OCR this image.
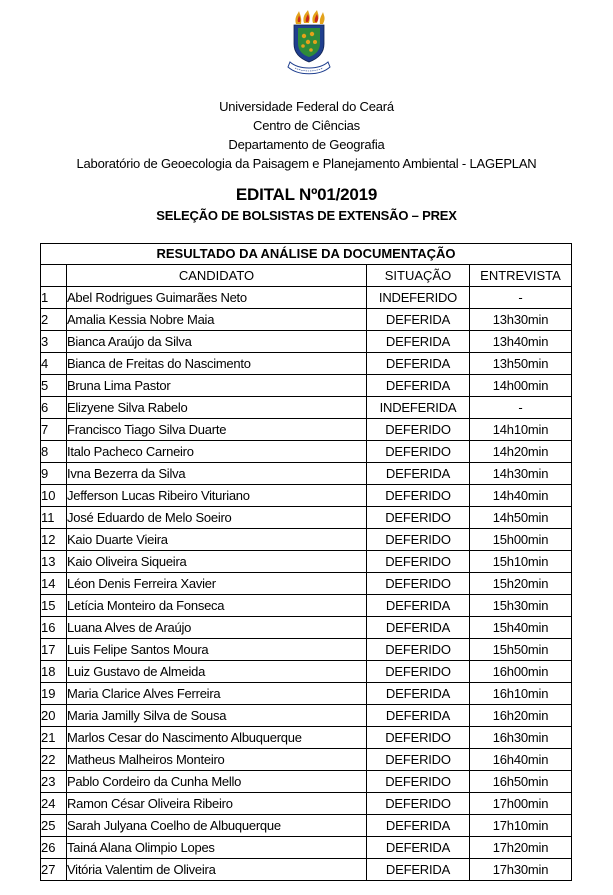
Universidade Federal do Ceará
Centro de Ciências
Departamento de Geografia
Laboratório de Geoecologia da Paisagem e Planejamento Ambiental - LAGEPLAN
EDITAL Nº01/2019
SELEÇÃO DE BOLSISTAS DE EXTENSÃO – PREX
RESULTADO DA ANÁLISE DA DOCUMENTAÇÃO			
	CANDIDATO	SITUAÇÃO	ENTREVISTA
1	Abel Rodrigues Guimarães Neto	INDEFERIDO	-
2	Amalia Kessia Nobre Maia	DEFERIDA	13h30min
3	Bianca Araújo da Silva	DEFERIDA	13h40min
4	Bianca de Freitas do Nascimento	DEFERIDA	13h50min
5	Bruna Lima Pastor	DEFERIDA	14h00min
6	Elizyene Silva Rabelo	INDEFERIDA	-
7	Francisco Tiago Silva Duarte	DEFERIDO	14h10min
8	Italo Pacheco Carneiro	DEFERIDO	14h20min
9	Ivna Bezerra da Silva	DEFERIDA	14h30min
10	Jefferson Lucas Ribeiro Vituriano	DEFERIDO	14h40min
11	José Eduardo de Melo Soeiro	DEFERIDO	14h50min
12	Kaio Duarte Vieira	DEFERIDO	15h00min
13	Kaio Oliveira Siqueira	DEFERIDO	15h10min
14	Léon Denis Ferreira Xavier	DEFERIDO	15h20min
15	Letícia Monteiro da Fonseca	DEFERIDA	15h30min
16	Luana Alves de Araújo	DEFERIDA	15h40min
17	Luis Felipe Santos Moura	DEFERIDO	15h50min
18	Luiz Gustavo de Almeida	DEFERIDO	16h00min
19	Maria Clarice Alves Ferreira	DEFERIDA	16h10min
20	Maria Jamilly Silva de Sousa	DEFERIDA	16h20min
21	Marlos Cesar do Nascimento Albuquerque	DEFERIDO	16h30min
22	Matheus Malheiros Monteiro	DEFERIDO	16h40min
23	Pablo Cordeiro da Cunha Mello	DEFERIDO	16h50min
24	Ramon César Oliveira Ribeiro	DEFERIDO	17h00min
25	Sarah Julyana Coelho de Albuquerque	DEFERIDA	17h10min
26	Tainá Alana Olimpio Lopes	DEFERIDA	17h20min
27	Vitória Valentim de Oliveira	DEFERIDA	17h30min
